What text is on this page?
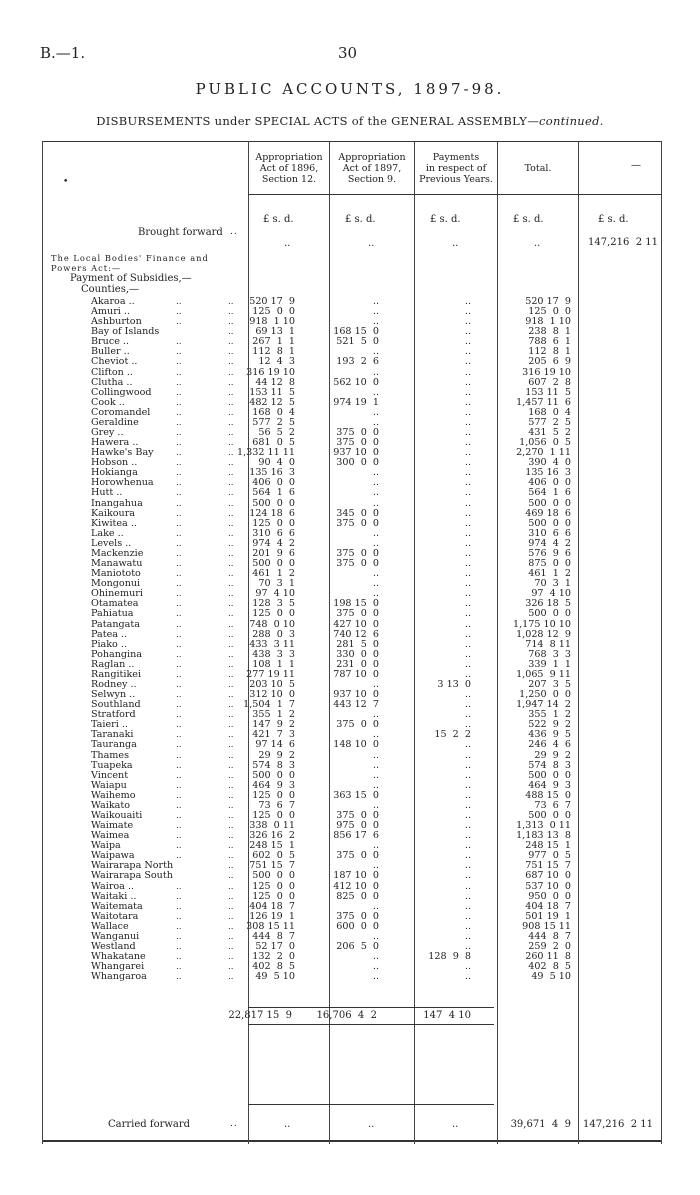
B.—1.	30
PUBLIC ACCOUNTS, 1897-98.
DISBURSEMENTS under SPECIAL ACTS of the GENERAL ASSEMBLY—continued.
•
Appropriation
Act of 1896,
Section 12.
Appropriation
Act of 1897,
Section 9.
Payments
in respect of
Previous Years.
Total.	—
£ s. d.	£ s. d.	£ s. d.	£ s. d.	£ s. d.
Brought forward ..
..	..	..	..	147,216  2 11
The Local Bodies' Finance and
Powers Act:—
Payment of Subsidies,—
Counties,—
Akaroa ..	..	.. 520 17  9	..	..	520 17  9
Amuri ..	..	.. 125  0  0	..	..	125  0  0
Ashburton	..	.. 918  1 10	..	..	918  1 10
Bay of Islands	.. 69 13  1	168 15  0	..	238  8  1
Bruce ..	..	.. 267  1  1	521  5  0	..	788  6  1
Buller ..	..	.. 112  8  1	..	..	112  8  1
Cheviot ..	..	..	12  4  3	193  2  6	..	205  6  9
Clifton ..	..	.. 316 19 10	..	..	316 19 10
Clutha ..	..	.. 44 12  8	562 10  0	..	607  2  8
Collingwood	..	.. 153 11  5	..	..	153 11  5
Cook ..	..	.. 482 12  5	974 19  1	..	1,457 11  6
Coromandel	..	.. 168  0  4	..	..	168  0  4
Geraldine	..	.. 577  2  5	..	..	577  2  5
Grey ..	..	..	56  5  2	375  0  0	..	431  5  2
Hawera ..	..	.. 681  0  5	375  0  0	..	1,056  0  5
Hawke's Bay	..	.. 1,332 11 11	937 10  0	..	2,270  1 11
Hobson ..	..	..	90  4  0	300  0  0	..	390  4  0
Hokianga	..	.. 135 16  3	..	..	135 16  3
Horowhenua	..	.. 406  0  0	..	..	406  0  0
Hutt ..	..	.. 564  1  6	..	..	564  1  6
Inangahua	..	.. 500  0  0	..	..	500  0  0
Kaikoura	..	.. 124 18  6	345  0  0	..	469 18  6
Kiwitea ..	..	.. 125  0  0	375  0  0	..	500  0  0
Lake ..	..	.. 310  6  6	..	..	310  6  6
Levels ..	..	.. 974  4  2	..	..	974  4  2
Mackenzie	..	.. 201  9  6	375  0  0	..	576  9  6
Manawatu	..	.. 500  0  0	375  0  0	..	875  0  0
Maniototo	..	.. 461  1  2	..	..	461  1  2
Mongonui	..	..	70  3  1	..	..	70  3  1
Ohinemuri	..	.. 97  4 10	..	..	97  4 10
Otamatea	..	.. 128  3  5	198 15  0	..	326 18  5
Pahiatua	..	.. 125  0  0	375  0  0	..	500  0  0
Patangata	..	.. 748  0 10	427 10  0	..	1,175 10 10
Patea ..	..	.. 288  0  3	740 12  6	..	1,028 12  9
Piako ..	..	.. 433  3 11	281  5  0	..	714  8 11
Pohangina	..	.. 438  3  3	330  0  0	..	768  3  3
Raglan ..	..	.. 108  1  1	231  0  0	..	339  1  1
Rangitikei	..	.. 277 19 11	787 10  0	..	1,065  9 11
Rodney ..	..	.. 203 10  5	..	3 13  0	207  3  5
Selwyn ..	..	.. 312 10  0	937 10  0	..	1,250  0  0
Southland	..	.. 1,504  1  7	443 12  7	..	1,947 14  2
Stratford	..	.. 355  1  2	..	..	355  1  2
Taieri ..	..	.. 147  9  2	375  0  0	..	522  9  2
Taranaki	..	.. 421  7  3	..	15  2  2	436  9  5
Tauranga	..	.. 97 14  6	148 10  0	..	246  4  6
Thames	..	..	29  9  2	..	..	29  9  2
Tuapeka	..	.. 574  8  3	..	..	574  8  3
Vincent	..	.. 500  0  0	..	..	500  0  0
Waiapu	..	.. 464  9  3	..	..	464  9  3
Waihemo	..	.. 125  0  0	363 15  0	..	488 15  0
Waikato	..	..	73  6  7	..	..	73  6  7
Waikouaiti	..	.. 125  0  0	375  0  0	..	500  0  0
Waimate	..	.. 338  0 11	975  0  0	..	1,313  0 11
Waimea	..	.. 326 16  2	856 17  6	..	1,183 13  8
Waipa	..	.. 248 15  1	..	..	248 15  1
Waipawa	..	.. 602  0  5	375  0  0	..	977  0  5
Wairarapa North	.. 751 15  7	..	..	751 15  7
Wairarapa South	.. 500  0  0	187 10  0	..	687 10  0
Wairoa ..	..	.. 125  0  0	412 10  0	..	537 10  0
Waitaki ..	..	.. 125  0  0	825  0  0	..	950  0  0
Waitemata	..	.. 404 18  7	..	..	404 18  7
Waitotara	..	.. 126 19  1	375  0  0	..	501 19  1
Wallace	..	.. 308 15 11	600  0  0	..	908 15 11
Wanganui	..	.. 444  8  7	..	..	444  8  7
Westland	..	.. 52 17  0	206  5  0	..	259  2  0
Whakatane	..	.. 132  2  0	..	128  9  8	260 11  8
Whangarei	..	.. 402  8  5	..	..	402  8  5
Whangaroa	..	.. 49  5 10	..	..	49  5 10
22,817 15  9 16,706  4  2	147  4 10
Carried forward	..	..	..	..	39,671  4  9 147,216  2 11
